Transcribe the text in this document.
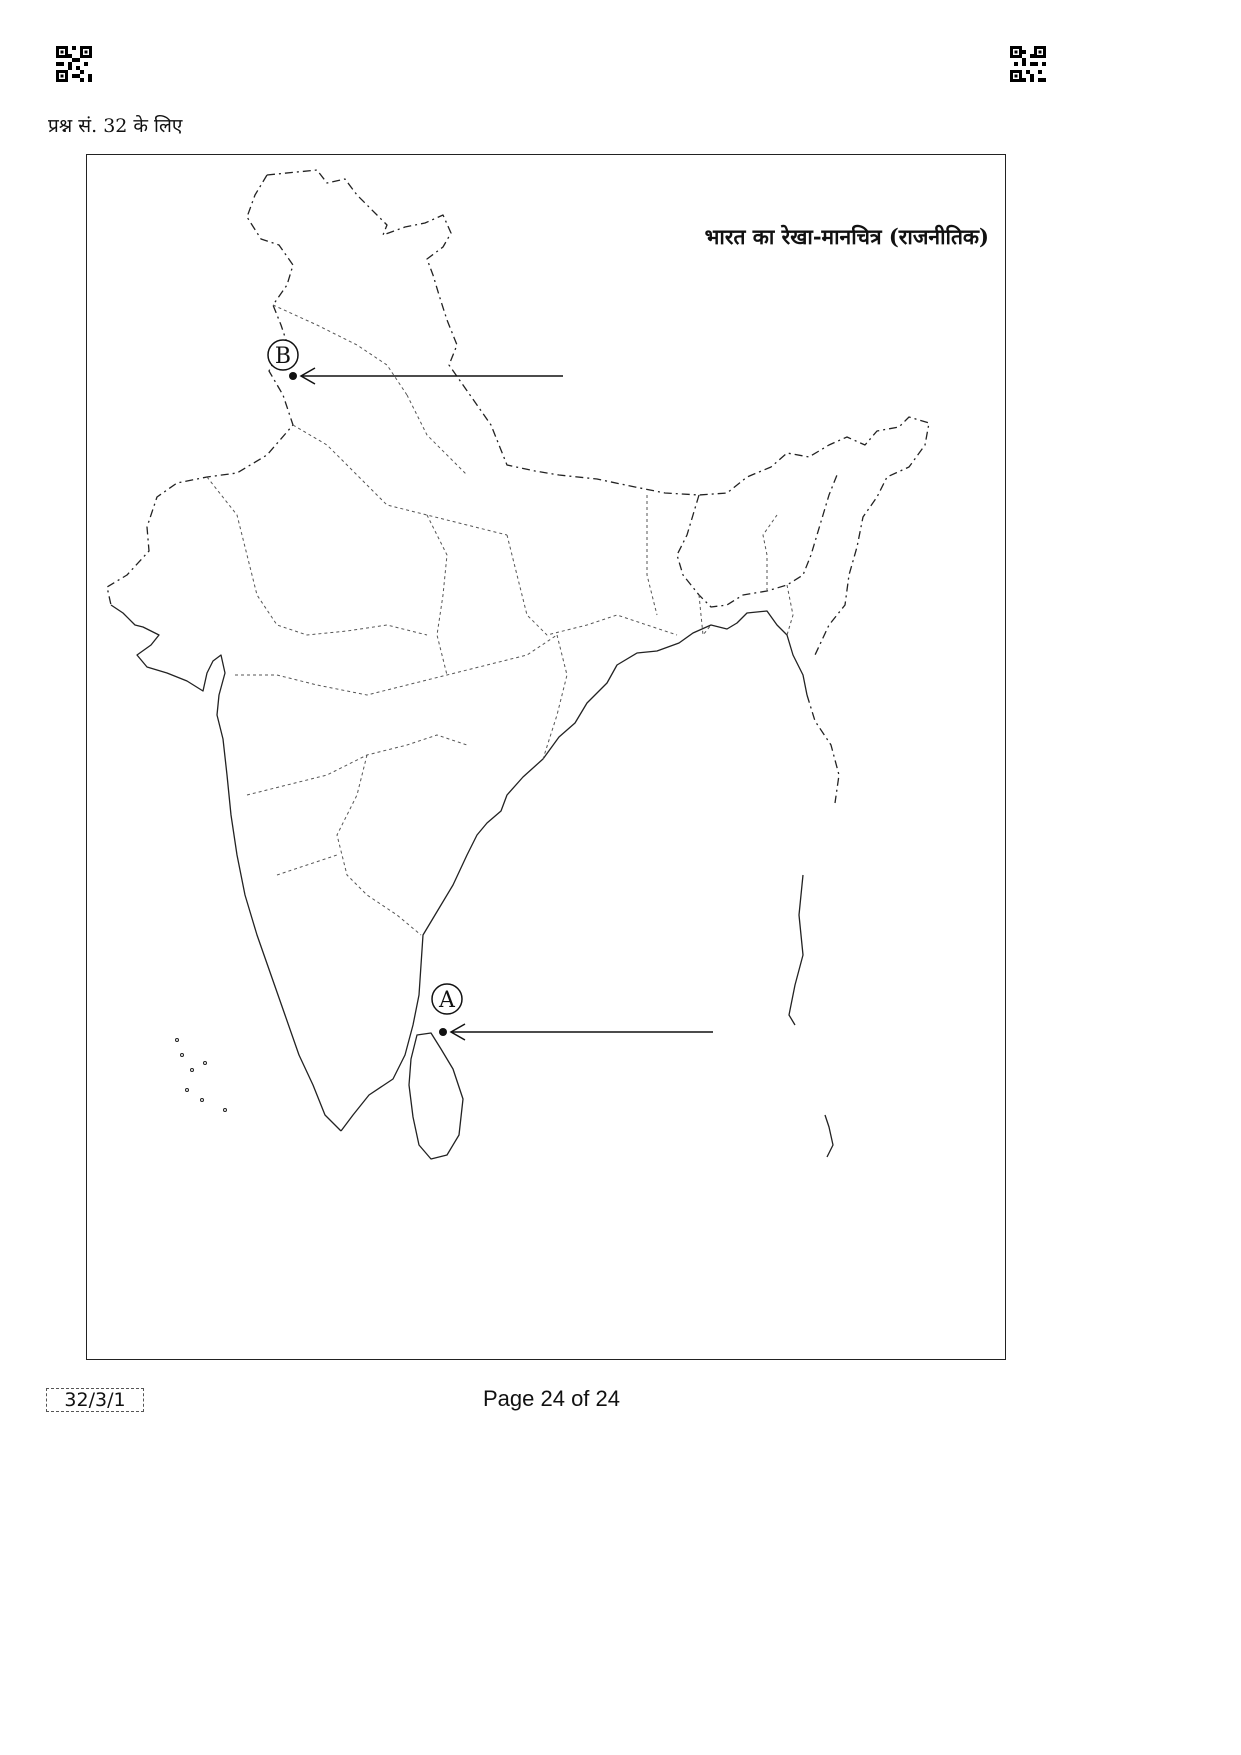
प्रश्न सं. 32 के लिए
B
A
भारत का रेखा-मानचित्र (राजनीतिक)
32/3/1	Page 24 of 24
